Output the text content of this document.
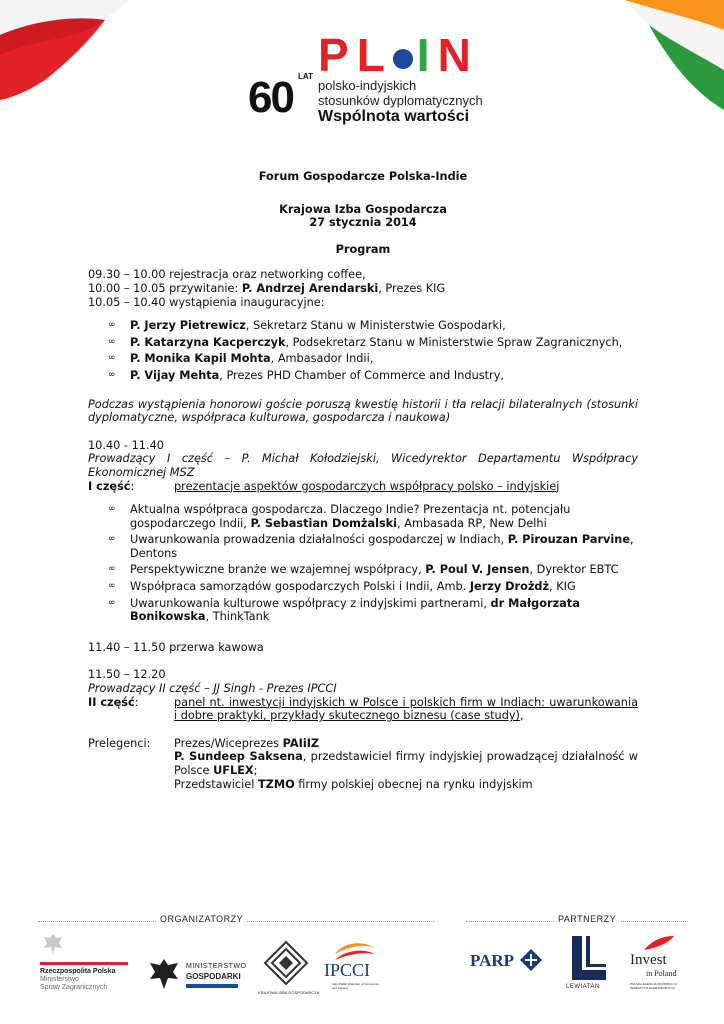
PL IN
60 LAT
polsko-indyjskich
stosunków dyplomatycznych
Wspólnota wartości

Forum Gospodarcze Polska-Indie

Krajowa Izba Gospodarcza

27 stycznia 2014

Program

09.30 – 10.00 rejestracja oraz networking coffee,

10.00 – 10.05 przywitanie: P. Andrzej Arendarski, Prezes KIG

10.05 – 10.40 wystąpienia inauguracyjne:

∞ P. Jerzy Pietrewicz, Sekretarz Stanu w Ministerstwie Gospodarki,
∞ P. Katarzyna Kacperczyk, Podsekretarz Stanu w Ministerstwie Spraw Zagranicznych,
∞ P. Monika Kapil Mohta, Ambasador Indii,
∞ P. Vijay Mehta, Prezes PHD Chamber of Commerce and Industry,

Podczas wystąpienia honorowi goście poruszą kwestię historii i tła relacji bilateralnych (stosunki dyplomatyczne, współpraca kulturowa, gospodarcza i naukowa)

10.40 - 11.40

Prowadzący I część – P. Michał Kołodziejski, Wicedyrektor Departamentu Współpracy Ekonomicznej MSZ

I część:	prezentacje aspektów gospodarczych współpracy polsko – indyjskiej
∞ Aktualna współpraca gospodarcza. Dlaczego Indie? Prezentacja nt. potencjału gospodarczego Indii, P. Sebastian Domżalski, Ambasada RP, New Delhi
∞ Uwarunkowania prowadzenia działalności gospodarczej w Indiach, P. Pirouzan Parvine, Dentons
∞ Perspektywiczne branże we wzajemnej współpracy, P. Poul V. Jensen, Dyrektor EBTC
∞ Współpraca samorządów gospodarczych Polski i Indii, Amb. Jerzy Drożdż, KIG
∞ Uwarunkowania kulturowe współpracy z indyjskimi partnerami, dr Małgorzata Bonikowska, ThinkTank

11.40 – 11.50 przerwa kawowa

11.50 – 12.20

Prowadzący II część – JJ Singh - Prezes IPCCI

II część:	panel nt. inwestycji indyjskich w Polsce i polskich firm w Indiach: uwarunkowania i dobre praktyki, przykłady skutecznego biznesu (case study),
Prelegenci:	Prezes/Wiceprezes PAIiIZ

P. Sundeep Saksena, przedstawiciel firmy indyjskiej prowadzącej działalność w Polsce UFLEX;

Przedstawiciel TZMO firmy polskiej obecnej na rynku indyjskim

ORGANIZATORZY	PARTNERZY
Rzeczpospolita Polska
Ministerstwo
Spraw Zagranicznych
MINISTERSTWO
GOSPODARKI
KRAJOWA IZBA GOSPODARCZA
IPCCI
Indo-Polish Chamber of Commerce and Industry
PARP
LEWIATAN
Invest
in Poland
POLSKA AGENCJA INFORMACJI I INWESTYCJI ZAGRANICZNYCH
